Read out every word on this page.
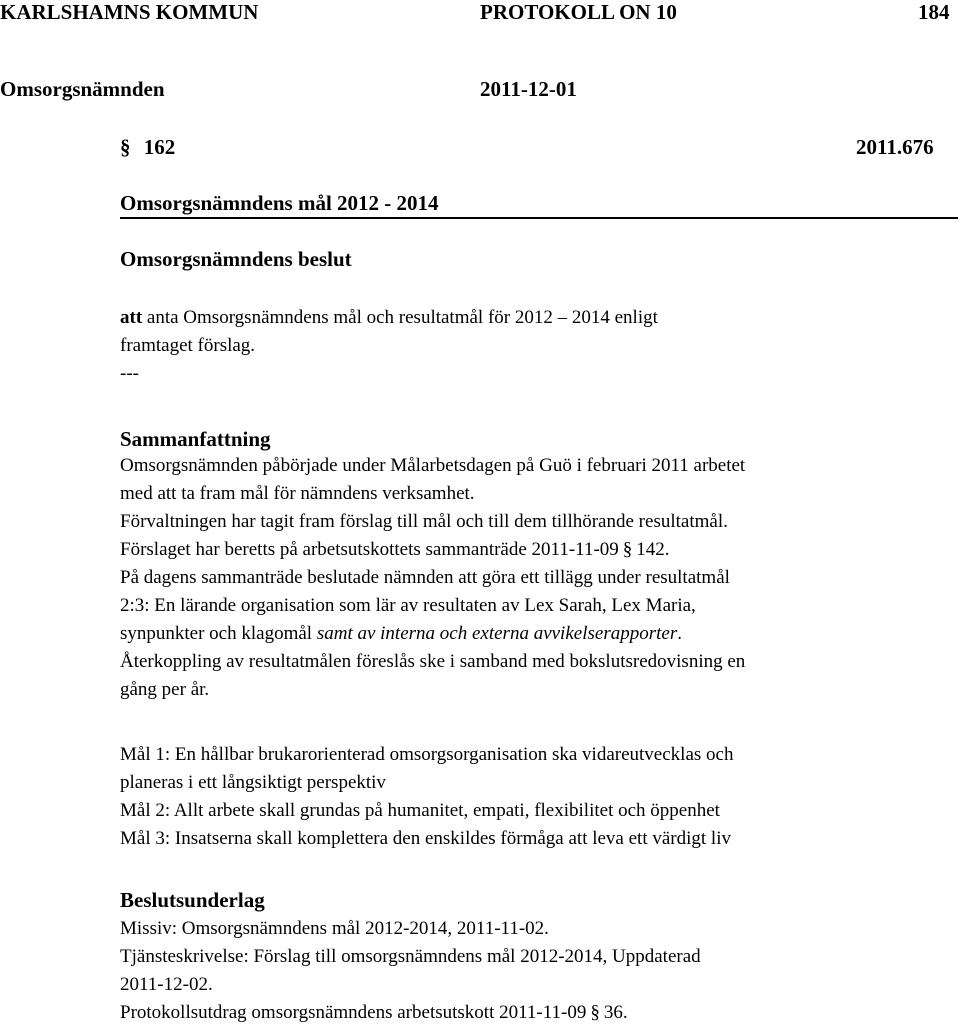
KARLSHAMNS KOMMUN	PROTOKOLL ON 10	184
Omsorgsnämnden	2011-12-01
§ 162	2011.676
Omsorgsnämndens mål 2012 - 2014
Omsorgsnämndens beslut
att anta Omsorgsnämndens mål och resultatmål för 2012 – 2014 enligt
framtaget förslag.
---
Sammanfattning
Omsorgsnämnden påbörjade under Målarbetsdagen på Guö i februari 2011 arbetet
med att ta fram mål för nämndens verksamhet.
Förvaltningen har tagit fram förslag till mål och till dem tillhörande resultatmål.
Förslaget har beretts på arbetsutskottets sammanträde 2011-11-09 § 142.
På dagens sammanträde beslutade nämnden att göra ett tillägg under resultatmål
2:3: En lärande organisation som lär av resultaten av Lex Sarah, Lex Maria,
synpunkter och klagomål samt av interna och externa avvikelserapporter.
Återkoppling av resultatmålen föreslås ske i samband med bokslutsredovisning en
gång per år.
Mål 1: En hållbar brukarorienterad omsorgsorganisation ska vidareutvecklas och
planeras i ett långsiktigt perspektiv
Mål 2: Allt arbete skall grundas på humanitet, empati, flexibilitet och öppenhet
Mål 3: Insatserna skall komplettera den enskildes förmåga att leva ett värdigt liv
Beslutsunderlag
Missiv: Omsorgsnämndens mål 2012-2014, 2011-11-02.
Tjänsteskrivelse: Förslag till omsorgsnämndens mål 2012-2014, Uppdaterad
2011-12-02.
Protokollsutdrag omsorgsnämndens arbetsutskott 2011-11-09 § 36.
